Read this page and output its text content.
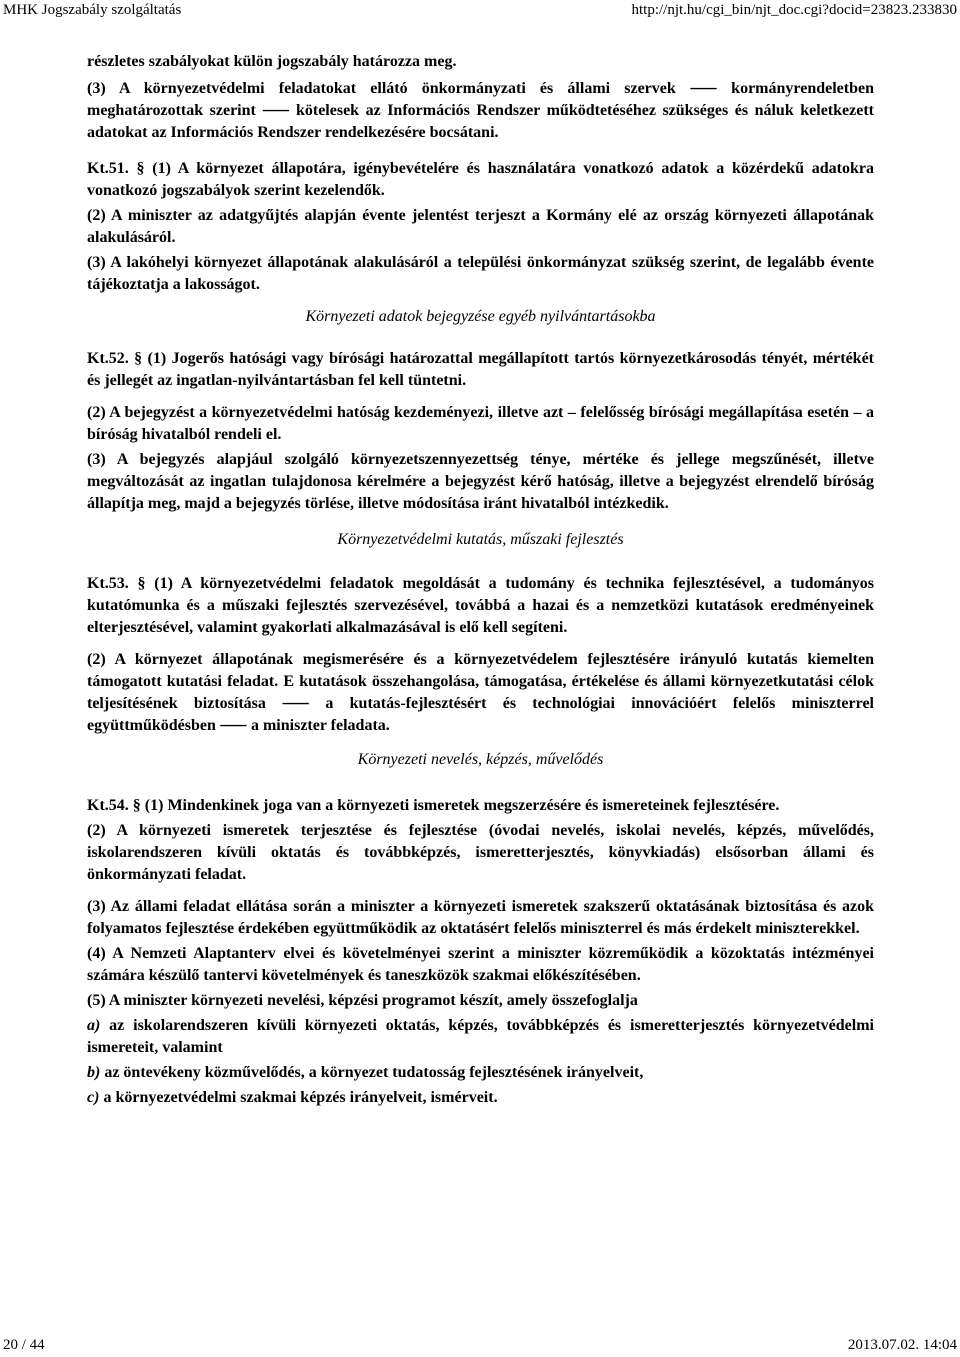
MHK Jogszabály szolgáltatás	http://njt.hu/cgi_bin/njt_doc.cgi?docid=23823.233830

részletes szabályokat külön jogszabály határozza meg.

(3) A környezetvédelmi feladatokat ellátó önkormányzati és állami szervek ⸺ kormányrendeletben meghatározottak szerint ⸺ kötelesek az Információs Rendszer működtetéséhez szükséges és náluk keletkezett adatokat az Információs Rendszer rendelkezésére bocsátani.

Kt.51. § (1) A környezet állapotára, igénybevételére és használatára vonatkozó adatok a közérdekű adatokra vonatkozó jogszabályok szerint kezelendők.

(2) A miniszter az adatgyűjtés alapján évente jelentést terjeszt a Kormány elé az ország környezeti állapotának alakulásáról.

(3) A lakóhelyi környezet állapotának alakulásáról a települési önkormányzat szükség szerint, de legalább évente tájékoztatja a lakosságot.

Környezeti adatok bejegyzése egyéb nyilvántartásokba

Kt.52. § (1) Jogerős hatósági vagy bírósági határozattal megállapított tartós környezetkárosodás tényét, mértékét és jellegét az ingatlan-nyilvántartásban fel kell tüntetni.

(2) A bejegyzést a környezetvédelmi hatóság kezdeményezi, illetve azt – felelősség bírósági megállapítása esetén – a bíróság hivatalból rendeli el.

(3) A bejegyzés alapjául szolgáló környezetszennyezettség ténye, mértéke és jellege megszűnését, illetve megváltozását az ingatlan tulajdonosa kérelmére a bejegyzést kérő hatóság, illetve a bejegyzést elrendelő bíróság állapítja meg, majd a bejegyzés törlése, illetve módosítása iránt hivatalból intézkedik.

Környezetvédelmi kutatás, műszaki fejlesztés

Kt.53. § (1) A környezetvédelmi feladatok megoldását a tudomány és technika fejlesztésével, a tudományos kutatómunka és a műszaki fejlesztés szervezésével, továbbá a hazai és a nemzetközi kutatások eredményeinek elterjesztésével, valamint gyakorlati alkalmazásával is elő kell segíteni.

(2) A környezet állapotának megismerésére és a környezetvédelem fejlesztésére irányuló kutatás kiemelten támogatott kutatási feladat. E kutatások összehangolása, támogatása, értékelése és állami környezetkutatási célok teljesítésének biztosítása ⸺ a kutatás-fejlesztésért és technológiai innovációért felelős miniszterrel együttműködésben ⸺ a miniszter feladata.

Környezeti nevelés, képzés, művelődés

Kt.54. § (1) Mindenkinek joga van a környezeti ismeretek megszerzésére és ismereteinek fejlesztésére.

(2) A környezeti ismeretek terjesztése és fejlesztése (óvodai nevelés, iskolai nevelés, képzés, művelődés, iskolarendszeren kívüli oktatás és továbbképzés, ismeretterjesztés, könyvkiadás) elsősorban állami és önkormányzati feladat.

(3) Az állami feladat ellátása során a miniszter a környezeti ismeretek szakszerű oktatásának biztosítása és azok folyamatos fejlesztése érdekében együttműködik az oktatásért felelős miniszterrel és más érdekelt miniszterekkel.

(4) A Nemzeti Alaptanterv elvei és követelményei szerint a miniszter közreműködik a közoktatás intézményei számára készülő tantervi követelmények és taneszközök szakmai előkészítésében.

(5) A miniszter környezeti nevelési, képzési programot készít, amely összefoglalja

a) az iskolarendszeren kívüli környezeti oktatás, képzés, továbbképzés és ismeretterjesztés környezetvédelmi ismereteit, valamint

b) az öntevékeny közművelődés, a környezet tudatosság fejlesztésének irányelveit,

c) a környezetvédelmi szakmai képzés irányelveit, ismérveit.

20 / 44	2013.07.02. 14:04
